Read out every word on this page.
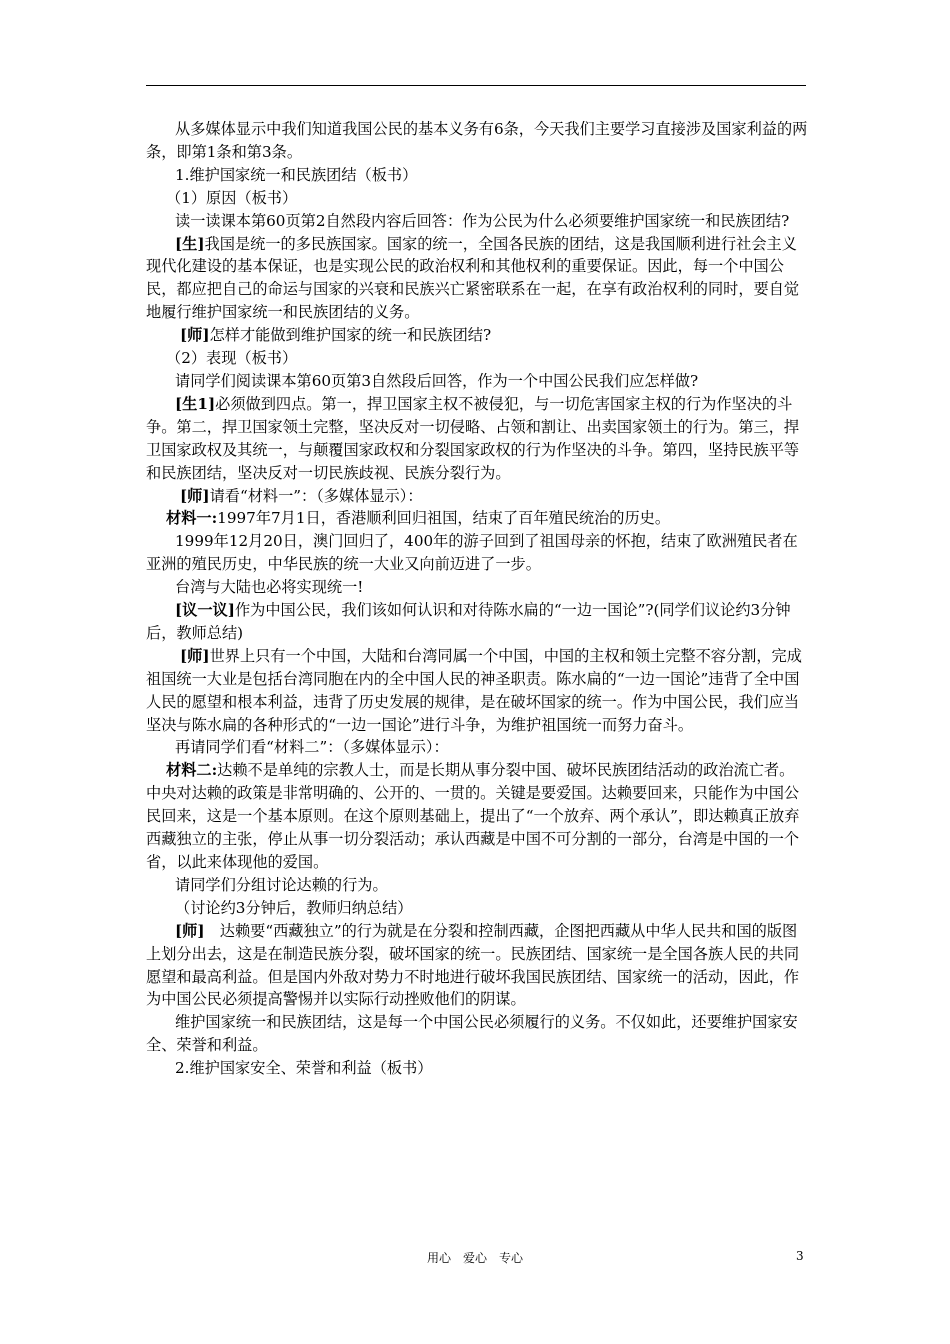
从多媒体显示中我们知道我国公民的基本义务有6条，今天我们主要学习直接涉及国家利益的两条，即第1条和第3条。

1.维护国家统一和民族团结（板书）

（1）原因（板书）

读一读课本第60页第2自然段内容后回答：作为公民为什么必须要维护国家统一和民族团结?

[生]我国是统一的多民族国家。国家的统一，全国各民族的团结，这是我国顺利进行社会主义现代化建设的基本保证，也是实现公民的政治权利和其他权利的重要保证。因此，每一个中国公民，都应把自己的命运与国家的兴衰和民族兴亡紧密联系在一起，在享有政治权利的同时，要自觉地履行维护国家统一和民族团结的义务。

[师]怎样才能做到维护国家的统一和民族团结?

（2）表现（板书）

请同学们阅读课本第60页第3自然段后回答，作为一个中国公民我们应怎样做?

[生1]必须做到四点。第一，捍卫国家主权不被侵犯，与一切危害国家主权的行为作坚决的斗争。第二，捍卫国家领土完整，坚决反对一切侵略、占领和割让、出卖国家领土的行为。第三，捍卫国家政权及其统一，与颠覆国家政权和分裂国家政权的行为作坚决的斗争。第四，坚持民族平等和民族团结，坚决反对一切民族歧视、民族分裂行为。

[师]请看“材料一”：（多媒体显示）：

材料一:1997年7月1日，香港顺利回归祖国，结束了百年殖民统治的历史。

1999年12月20日，澳门回归了，400年的游子回到了祖国母亲的怀抱，结束了欧洲殖民者在亚洲的殖民历史，中华民族的统一大业又向前迈进了一步。

台湾与大陆也必将实现统一!

[议一议]作为中国公民，我们该如何认识和对待陈水扁的“一边一国论”?(同学们议论约3分钟后，教师总结)

[师]世界上只有一个中国，大陆和台湾同属一个中国，中国的主权和领土完整不容分割，完成祖国统一大业是包括台湾同胞在内的全中国人民的神圣职责。陈水扁的“一边一国论”违背了全中国人民的愿望和根本利益，违背了历史发展的规律，是在破坏国家的统一。作为中国公民，我们应当坚决与陈水扁的各种形式的“一边一国论”进行斗争，为维护祖国统一而努力奋斗。

再请同学们看“材料二”：（多媒体显示）：

材料二:达赖不是单纯的宗教人士，而是长期从事分裂中国、破坏民族团结活动的政治流亡者。中央对达赖的政策是非常明确的、公开的、一贯的。关键是要爱国。达赖要回来，只能作为中国公民回来，这是一个基本原则。在这个原则基础上，提出了“一个放弃、两个承认”，即达赖真正放弃西藏独立的主张，停止从事一切分裂活动；承认西藏是中国不可分割的一部分，台湾是中国的一个省，以此来体现他的爱国。

请同学们分组讨论达赖的行为。

（讨论约3分钟后，教师归纳总结）

[师]　达赖要“西藏独立”的行为就是在分裂和控制西藏，企图把西藏从中华人民共和国的版图上划分出去，这是在制造民族分裂，破坏国家的统一。民族团结、国家统一是全国各族人民的共同愿望和最高利益。但是国内外敌对势力不时地进行破坏我国民族团结、国家统一的活动，因此，作为中国公民必须提高警惕并以实际行动挫败他们的阴谋。

维护国家统一和民族团结，这是每一个中国公民必须履行的义务。不仅如此，还要维护国家安全、荣誉和利益。

2.维护国家安全、荣誉和利益（板书）

用心　爱心　专心	3
